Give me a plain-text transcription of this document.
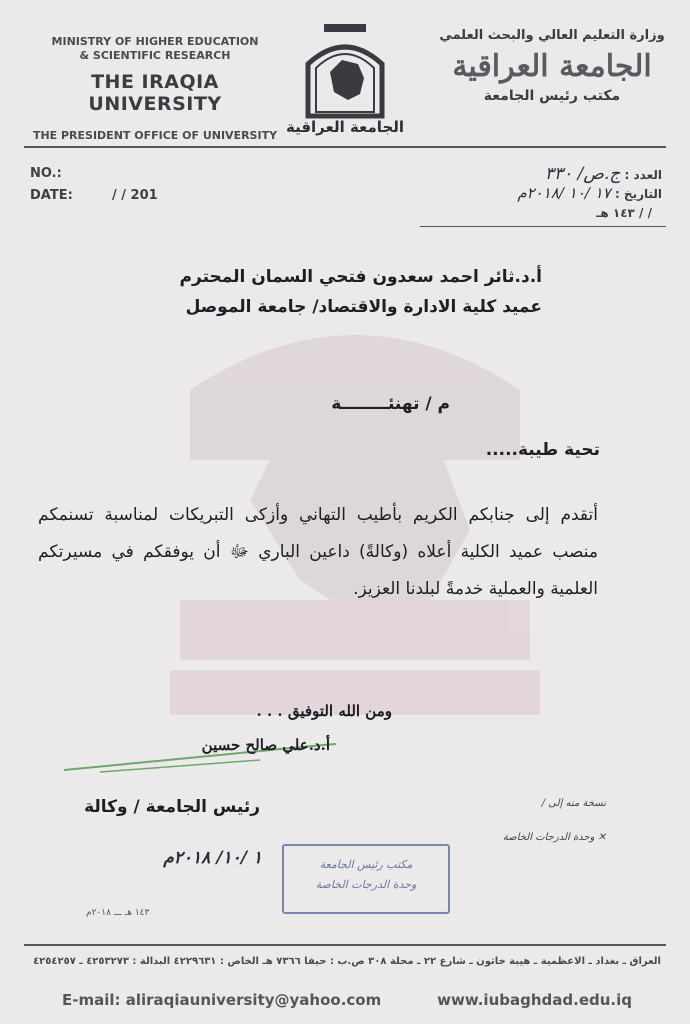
MINISTRY OF HIGHER EDUCATION
& SCIENTIFIC RESEARCH
THE IRAQIA UNIVERSITY
THE PRESIDENT OFFICE OF UNIVERSITY الجامعة العراقية
وزارة التعليم العالي والبحث العلمي
الجامعة العراقية
مكتب رئيس الجامعة
NO.:
DATE:	/ / 201
العدد : ج.ص/ ٣٣٠
التاريخ : ١٧ /١٠ /٢٠١٨م
/ / ١٤٣ هـ
أ.د.ثائر احمد سعدون فتحي السمان المحترم
عميد كلية الادارة والاقتصاد/ جامعة الموصل
م / تهنئــــــــة
تحية طيبة.....
أتقدم إلى جنابكم الكريم بأطيب التهاني وأزكى التبريكات لمناسبة تسنمكم منصب عميد الكلية أعلاه (وكالةً) داعين الباري ﷻ أن يوفقكم في مسيرتكم العلمية والعملية خدمةً لبلدنا العزيز.
ومن الله التوفيق . . .
أ.د.علي صالح حسين
رئيس الجامعة / وكالة
١ /١٠/ ٢٠١٨م
١٤٣ هـ ـــ ٢٠١٨م
نسخة منه إلى /
✕ وحدة الدرجات الخاصة
مكتب رئيس الجامعة
وحدة الدرجات الخاصة
العراق ـ بغداد ـ الاعظمية ـ هيبة خاتون ـ شارع ٢٢ ـ محلة ٣٠٨ ص.ب : حيفا ٧٣٦٦ هـ الخاص : ٤٢٢٩٦٣١ البدالة : ٤٢٥٣٢٧٣ ـ ٤٢٥٤٢٥٧
E-mail: aliraqiauniversity@yahoo.com	www.iubaghdad.edu.iq
